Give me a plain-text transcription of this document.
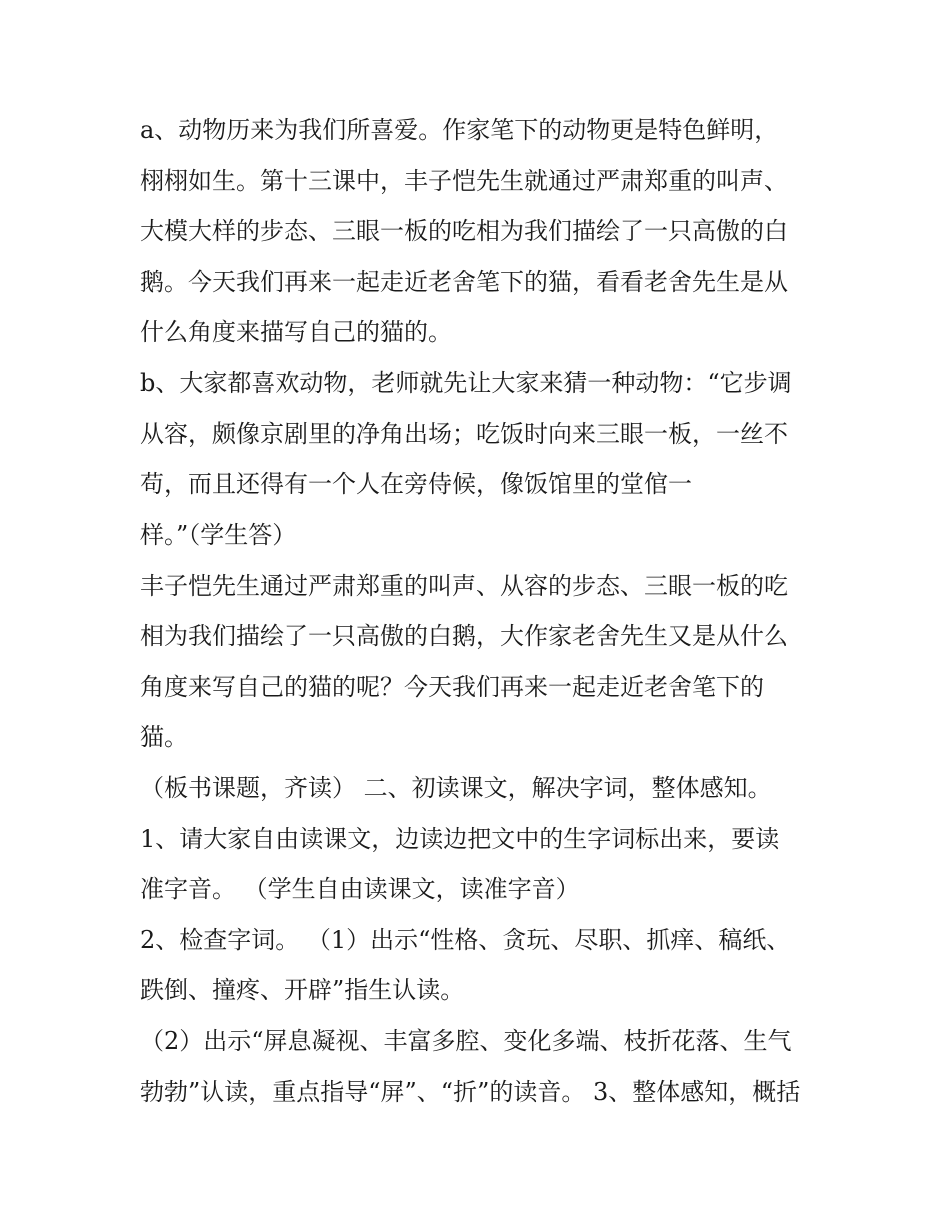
a、动物历来为我们所喜爱。作家笔下的动物更是特色鲜明，
栩栩如生。第十三课中，丰子恺先生就通过严肃郑重的叫声、
大模大样的步态、三眼一板的吃相为我们描绘了一只高傲的白
鹅。今天我们再来一起走近老舍笔下的猫，看看老舍先生是从
什么角度来描写自己的猫的。
b、大家都喜欢动物，老师就先让大家来猜一种动物：“它步调
从容，颇像京剧里的净角出场；吃饭时向来三眼一板，一丝不
苟，而且还得有一个人在旁侍候，像饭馆里的堂倌一
样。”（学生答）
丰子恺先生通过严肃郑重的叫声、从容的步态、三眼一板的吃
相为我们描绘了一只高傲的白鹅，大作家老舍先生又是从什么
角度来写自己的猫的呢？今天我们再来一起走近老舍笔下的
猫。
（板书课题，齐读） 二、初读课文，解决字词，整体感知。
1、请大家自由读课文，边读边把文中的生字词标出来，要读
准字音。 （学生自由读课文，读准字音）
2、检查字词。 （1）出示“性格、贪玩、尽职、抓痒、稿纸、
跌倒、撞疼、开辟”指生认读。
（2）出示“屏息凝视、丰富多腔、变化多端、枝折花落、生气
勃勃”认读，重点指导“屏”、“折”的读音。 3、整体感知，概括
